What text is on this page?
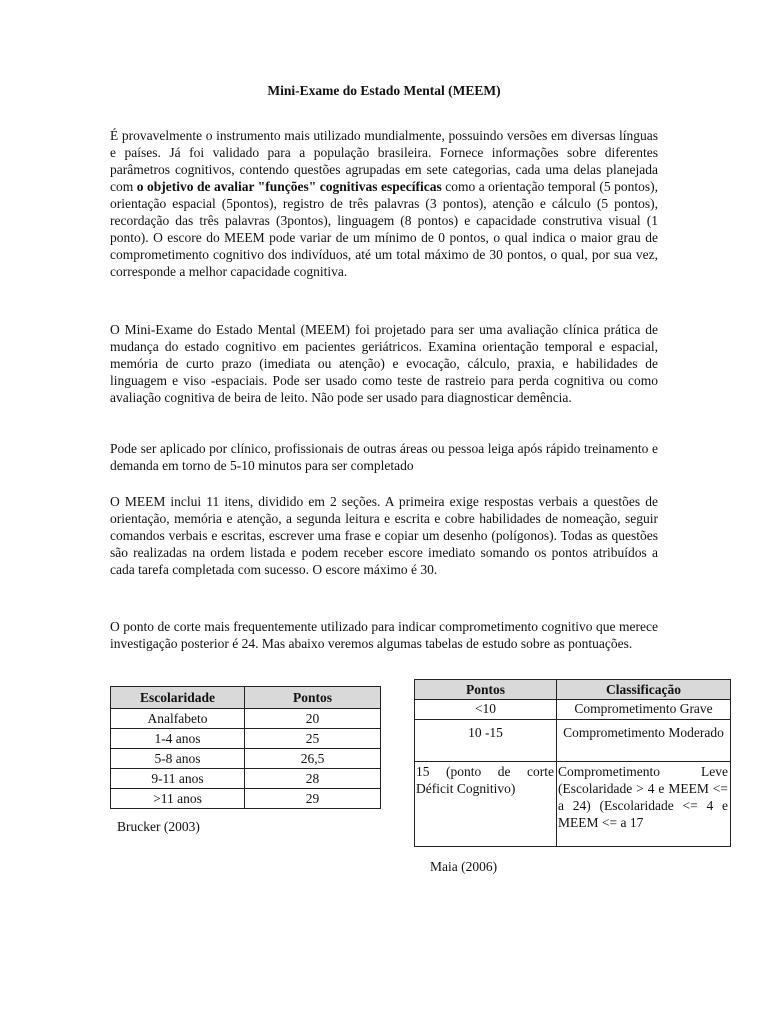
Mini-Exame do Estado Mental (MEEM)

É provavelmente o instrumento mais utilizado mundialmente, possuindo versões em diversas línguas e países. Já foi validado para a população brasileira. Fornece informações sobre diferentes parâmetros cognitivos, contendo questões agrupadas em sete categorias, cada uma delas planejada com o objetivo de avaliar "funções" cognitivas específicas como a orientação temporal (5 pontos), orientação espacial (5pontos), registro de três palavras (3 pontos), atenção e cálculo (5 pontos), recordação das três palavras (3pontos), linguagem (8 pontos) e capacidade construtiva visual (1 ponto). O escore do MEEM pode variar de um mínimo de 0 pontos, o qual indica o maior grau de comprometimento cognitivo dos indivíduos, até um total máximo de 30 pontos, o qual, por sua vez, corresponde a melhor capacidade cognitiva.

O Mini-Exame do Estado Mental (MEEM) foi projetado para ser uma avaliação clínica prática de mudança do estado cognitivo em pacientes geriátricos. Examina orientação temporal e espacial, memória de curto prazo (imediata ou atenção) e evocação, cálculo, praxia, e habilidades de linguagem e viso -espaciais. Pode ser usado como teste de rastreio para perda cognitiva ou como avaliação cognitiva de beira de leito. Não pode ser usado para diagnosticar demência.

Pode ser aplicado por clínico, profissionais de outras áreas ou pessoa leiga após rápido treinamento e demanda em torno de 5-10 minutos para ser completado

O MEEM inclui 11 itens, dividido em 2 seções. A primeira exige respostas verbais a questões de orientação, memória e atenção, a segunda leitura e escrita e cobre habilidades de nomeação, seguir comandos verbais e escritas, escrever uma frase e copiar um desenho (polígonos). Todas as questões são realizadas na ordem listada e podem receber escore imediato somando os pontos atribuídos a cada tarefa completada com sucesso. O escore máximo é 30.

O ponto de corte mais frequentemente utilizado para indicar comprometimento cognitivo que merece investigação posterior é 24. Mas abaixo veremos algumas tabelas de estudo sobre as pontuações.

Escolaridade	Pontos
Analfabeto	20
1-4 anos	25
5-8 anos	26,5
9-11 anos	28
>11 anos	29
Brucker (2003)
Pontos	Classificação
<10	Comprometimento Grave
10 -15	Comprometimento Moderado
15 (ponto de corte Déficit Cognitivo)	Comprometimento Leve (Escolaridade > 4 e MEEM <= a 24) (Escolaridade <= 4 e MEEM <= a 17
Maia (2006)
